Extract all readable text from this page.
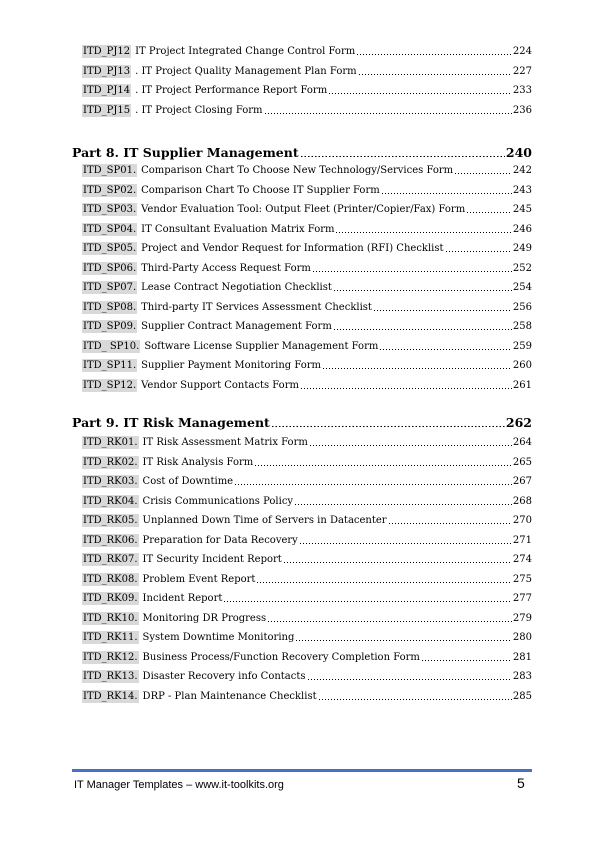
ITD_PJ12 IT Project Integrated Change Control Form	224
ITD_PJ13 . IT Project Quality Management Plan Form	227
ITD_PJ14 . IT Project Performance Report Form	233
ITD_PJ15 . IT Project Closing Form	236
Part 8. IT Supplier Management	240
ITD_SP01. Comparison Chart To Choose New Technology/Services Form	242
ITD_SP02. Comparison Chart To Choose IT Supplier Form	243
ITD_SP03. Vendor Evaluation Tool: Output Fleet (Printer/Copier/Fax) Form	245
ITD_SP04. IT Consultant Evaluation Matrix Form	246
ITD_SP05. Project and Vendor Request for Information (RFI) Checklist	249
ITD_SP06. Third-Party Access Request Form	252
ITD_SP07. Lease Contract Negotiation Checklist	254
ITD_SP08. Third-party IT Services Assessment Checklist	256
ITD_SP09. Supplier Contract Management Form	258
ITD_ SP10. Software License Supplier Management Form	259
ITD_SP11. Supplier Payment Monitoring Form	260
ITD_SP12. Vendor Support Contacts Form	261
Part 9. IT Risk Management	262
ITD_RK01. IT Risk Assessment Matrix Form	264
ITD_RK02. IT Risk Analysis Form	265
ITD_RK03. Cost of Downtime	267
ITD_RK04. Crisis Communications Policy	268
ITD_RK05. Unplanned Down Time of Servers in Datacenter	270
ITD_RK06. Preparation for Data Recovery	271
ITD_RK07. IT Security Incident Report	274
ITD_RK08. Problem Event Report	275
ITD_RK09. Incident Report	277
ITD_RK10. Monitoring DR Progress	279
ITD_RK11. System Downtime Monitoring	280
ITD_RK12. Business Process/Function Recovery Completion Form	281
ITD_RK13. Disaster Recovery info Contacts	283
ITD_RK14. DRP - Plan Maintenance Checklist	285
IT Manager Templates – www.it-toolkits.org	5
